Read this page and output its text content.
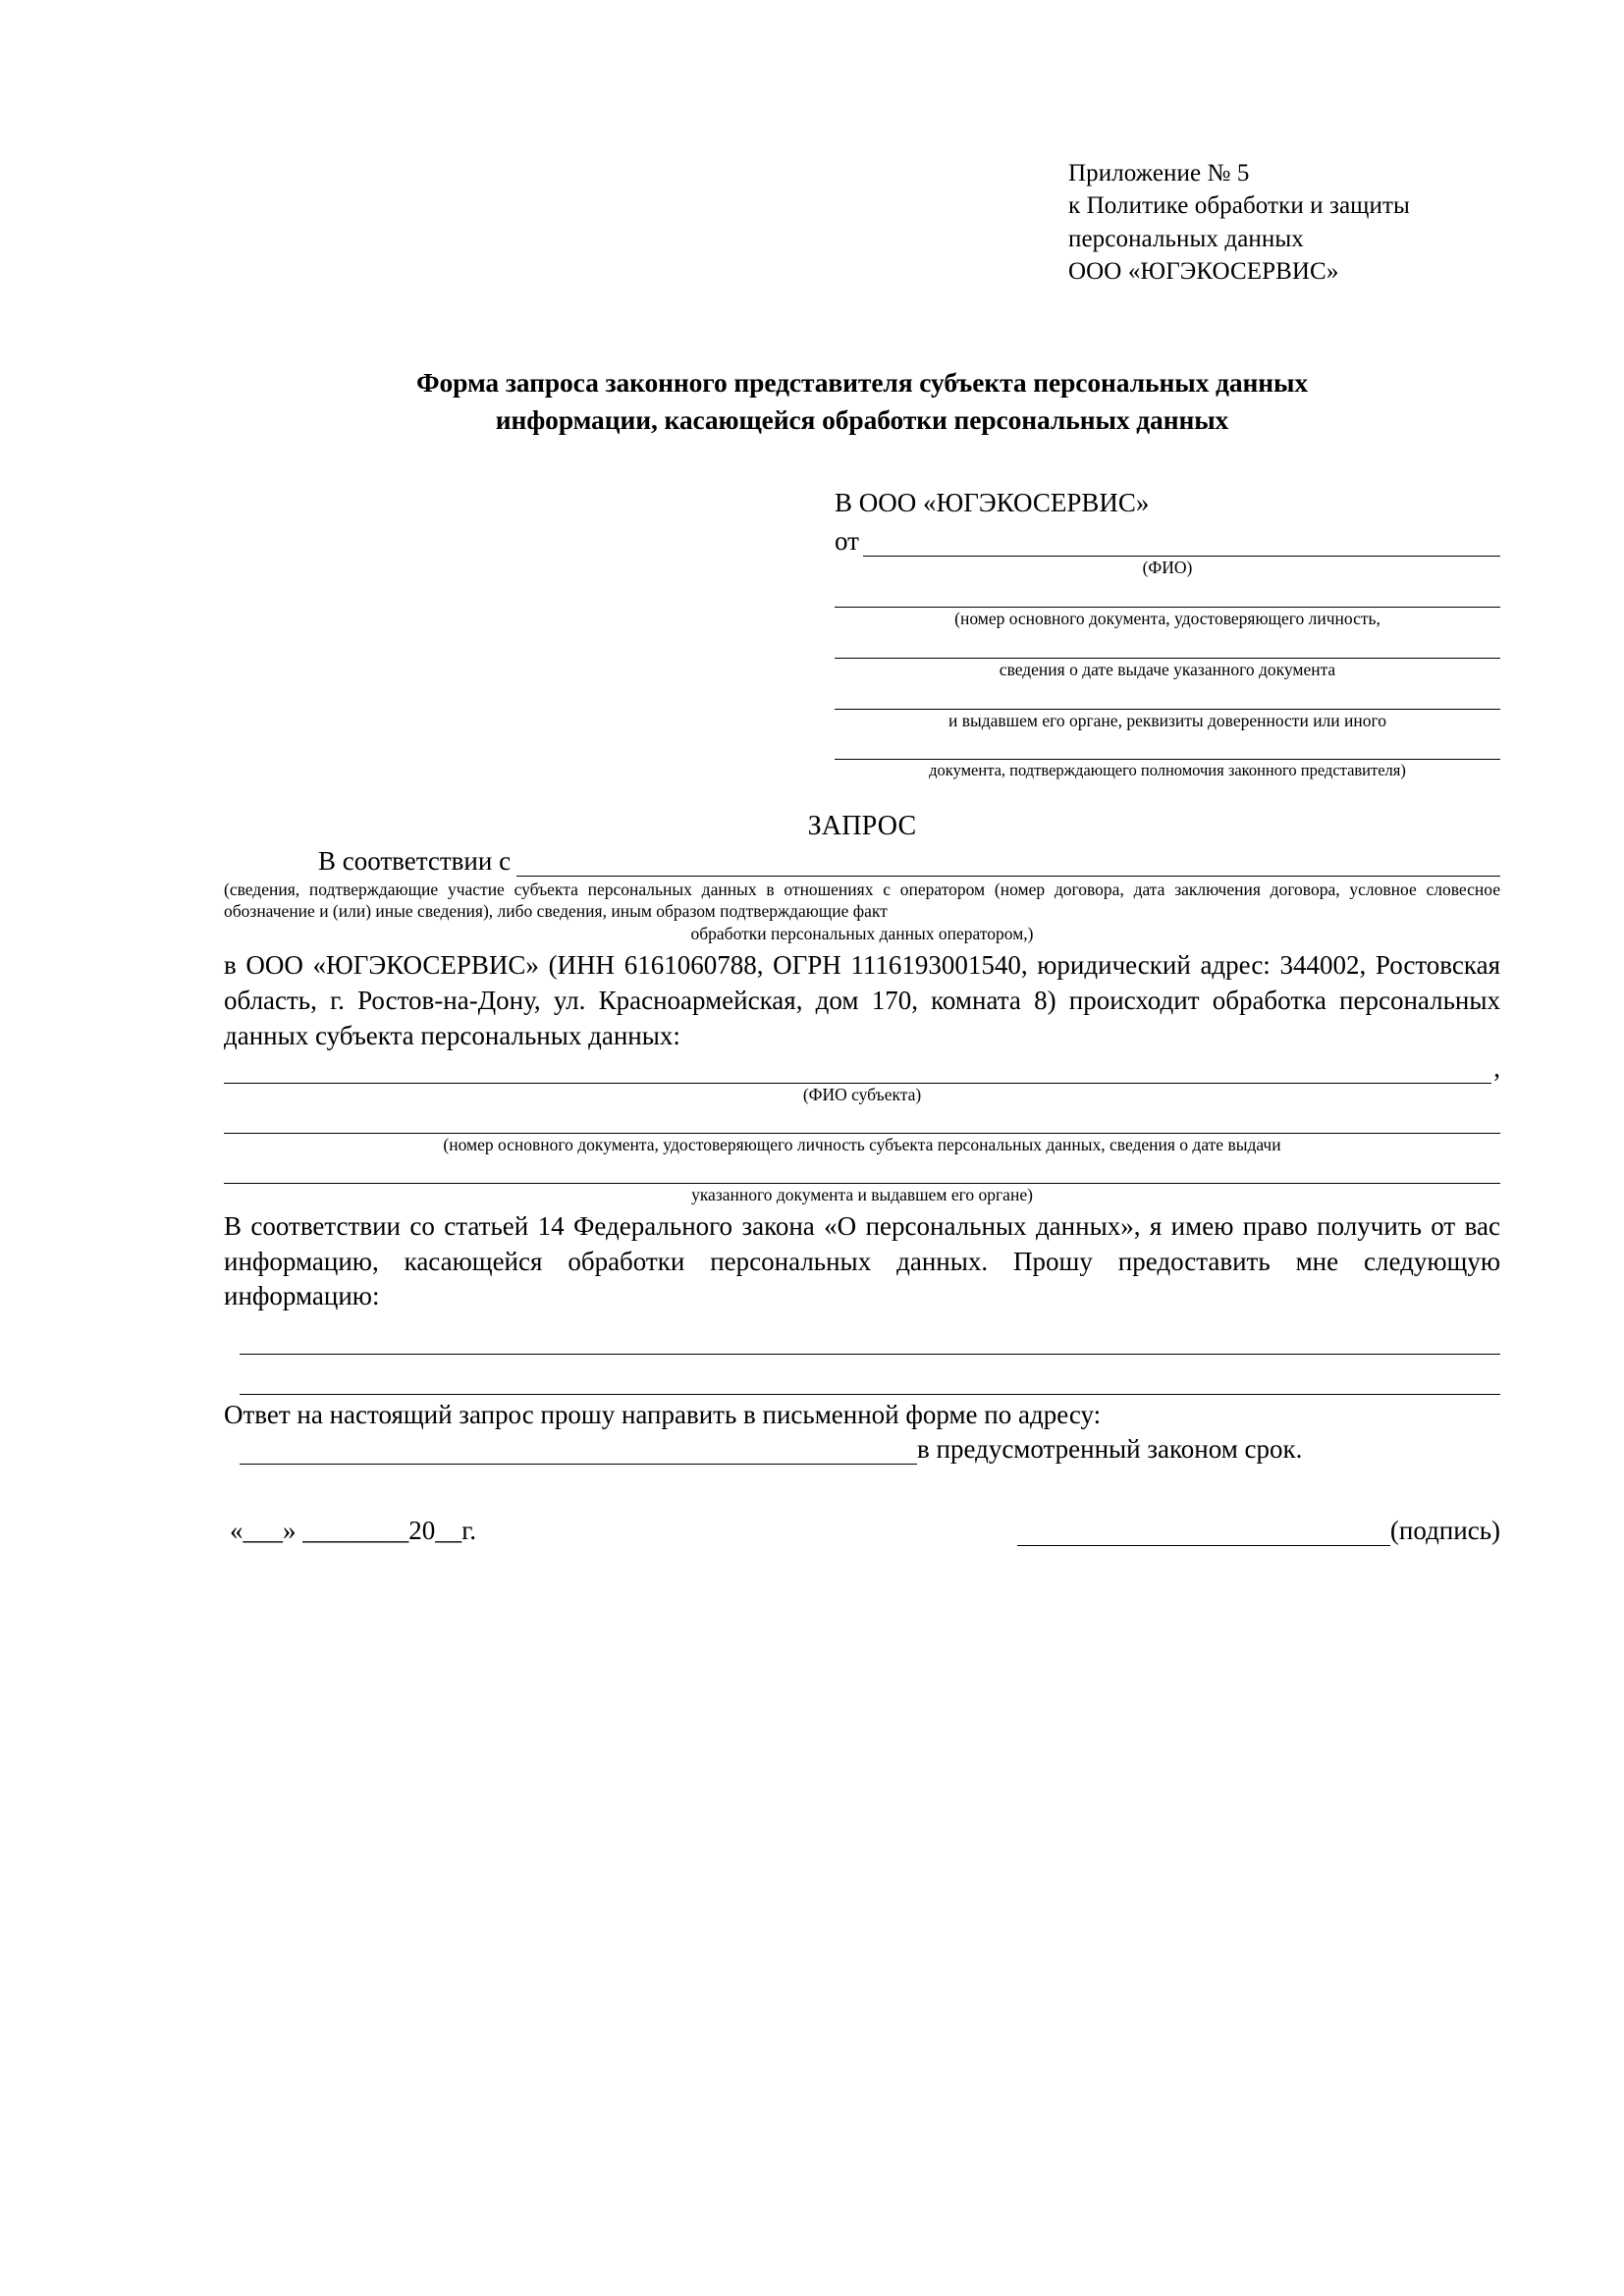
Приложение № 5
к Политике обработки и защиты
персональных данных
ООО «ЮГЭКОСЕРВИС»
Форма запроса законного представителя субъекта персональных данных
информации, касающейся обработки персональных данных
В ООО «ЮГЭКОСЕРВИС»
от
(ФИО)
(номер основного документа, удостоверяющего личность,
сведения о дате выдаче указанного документа
и выдавшем его органе, реквизиты доверенности или иного
документа, подтверждающего полномочия законного представителя)
ЗАПРОС
В соответствии с
(сведения, подтверждающие участие субъекта персональных данных в отношениях с оператором (номер договора, дата заключения договора, условное словесное обозначение и (или) иные сведения), либо сведения, иным образом подтверждающие факт
обработки персональных данных оператором,)
в ООО «ЮГЭКОСЕРВИС» (ИНН 6161060788, ОГРН 1116193001540, юридический адрес: 344002, Ростовская область, г. Ростов-на-Дону, ул. Красноармейская, дом 170, комната 8) происходит обработка персональных данных субъекта персональных данных:
,
(ФИО субъекта)
(номер основного документа, удостоверяющего личность субъекта персональных данных, сведения о дате выдачи
указанного документа и выдавшем его органе)
В соответствии со статьей 14 Федерального закона «О персональных данных», я имею право получить от вас информацию, касающейся обработки персональных данных. Прошу предоставить мне следующую информацию:
Ответ на настоящий запрос прошу направить в письменной форме по адресу:
в предусмотренный законом срок.
«___» ________20__г.	(подпись)
